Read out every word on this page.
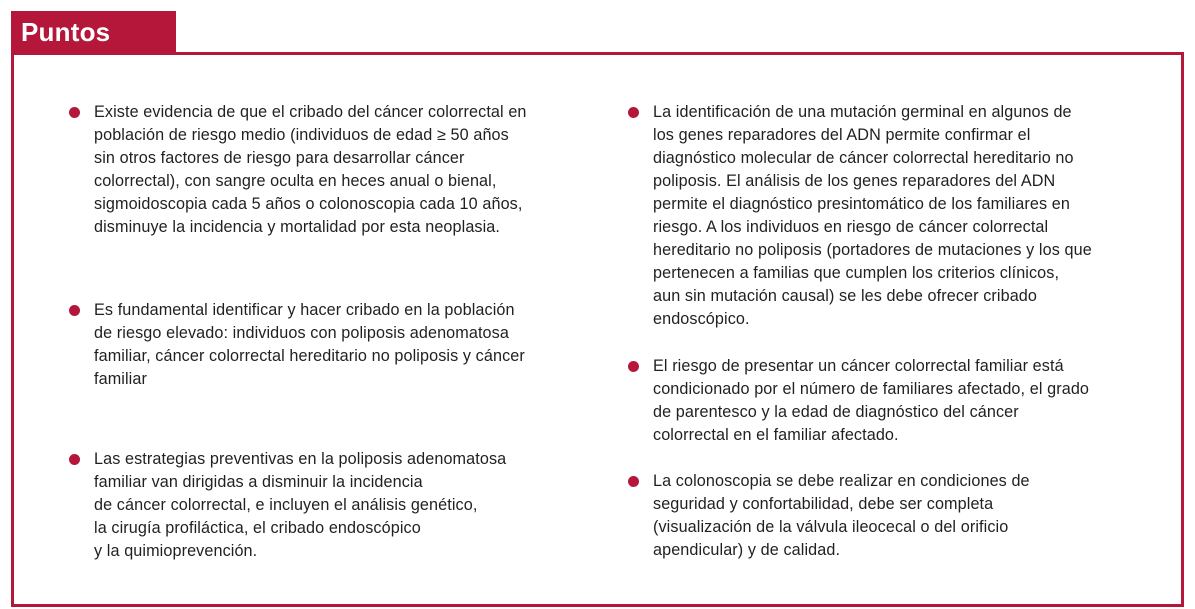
Puntos clave
Existe evidencia de que el cribado del cáncer colorrectal en
población de riesgo medio (individuos de edad ≥ 50 años
sin otros factores de riesgo para desarrollar cáncer
colorrectal), con sangre oculta en heces anual o bienal,
sigmoidoscopia cada 5 años o colonoscopia cada 10 años,
disminuye la incidencia y mortalidad por esta neoplasia.
Es fundamental identificar y hacer cribado en la población
de riesgo elevado: individuos con poliposis adenomatosa
familiar, cáncer colorrectal hereditario no poliposis y cáncer
familiar
Las estrategias preventivas en la poliposis adenomatosa
familiar van dirigidas a disminuir la incidencia
de cáncer colorrectal, e incluyen el análisis genético,
la cirugía profiláctica, el cribado endoscópico
y la quimioprevención.
La identificación de una mutación germinal en algunos de
los genes reparadores del ADN permite confirmar el
diagnóstico molecular de cáncer colorrectal hereditario no
poliposis. El análisis de los genes reparadores del ADN
permite el diagnóstico presintomático de los familiares en
riesgo. A los individuos en riesgo de cáncer colorrectal
hereditario no poliposis (portadores de mutaciones y los que
pertenecen a familias que cumplen los criterios clínicos,
aun sin mutación causal) se les debe ofrecer cribado
endoscópico.
El riesgo de presentar un cáncer colorrectal familiar está
condicionado por el número de familiares afectado, el grado
de parentesco y la edad de diagnóstico del cáncer
colorrectal en el familiar afectado.
La colonoscopia se debe realizar en condiciones de
seguridad y confortabilidad, debe ser completa
(visualización de la válvula ileocecal o del orificio
apendicular) y de calidad.
